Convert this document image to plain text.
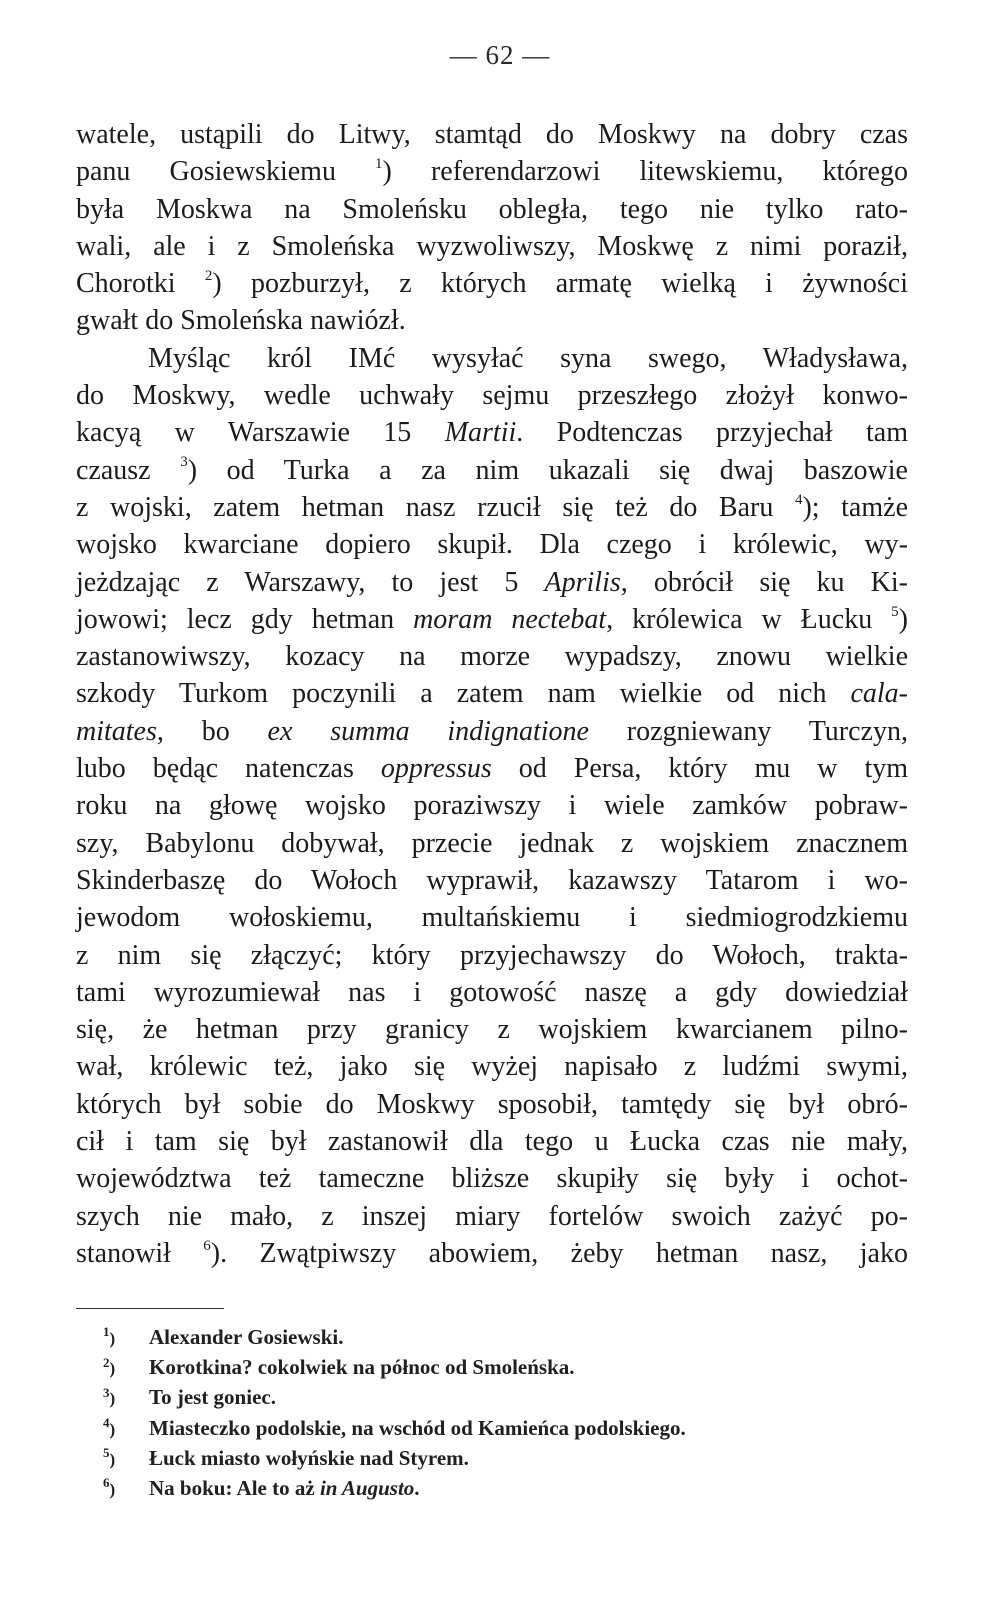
— 62 —
watele, ustąpili do Litwy, stamtąd do Moskwy na dobry czas
panu Gosiewskiemu $^1$) referendarzowi litewskiemu, którego
była Moskwa na Smoleńsku obległa, tego nie tylko rato-
wali, ale i z Smoleńska wyzwoliwszy, Moskwę z nimi poraził,
Chorotki $^2$) pozburzył, z których armatę wielką i żywności
gwałt do Smoleńska nawiózł.
Myśląc król IMć wysyłać syna swego, Władysława,
do Moskwy, wedle uchwały sejmu przeszłego złożył konwo-
kacyą w Warszawie 15 Martii. Podtenczas przyjechał tam
czausz $^3$) od Turka a za nim ukazali się dwaj baszowie
z wojski, zatem hetman nasz rzucił się też do Baru $^4$); tamże
wojsko kwarciane dopiero skupił. Dla czego i królewic, wy-
jeżdzając z Warszawy, to jest 5 Aprilis, obrócił się ku Ki-
jowowi; lecz gdy hetman moram nectebat, królewica w Łucku $^5$)
zastanowiwszy, kozacy na morze wypadszy, znowu wielkie
szkody Turkom poczynili a zatem nam wielkie od nich cala-
mitates, bo ex summa indignatione rozgniewany Turczyn,
lubo będąc natenczas oppressus od Persa, który mu w tym
roku na głowę wojsko poraziwszy i wiele zamków pobraw-
szy, Babylonu dobywał, przecie jednak z wojskiem znacznem
Skinderbaszę do Wołoch wyprawił, kazawszy Tatarom i wo-
jewodom wołoskiemu, multańskiemu i siedmiogrodzkiemu
z nim się złączyć; który przyjechawszy do Wołoch, trakta-
tami wyrozumiewał nas i gotowość naszę a gdy dowiedział
się, że hetman przy granicy z wojskiem kwarcianem pilno-
wał, królewic też, jako się wyżej napisało z ludźmi swymi,
których był sobie do Moskwy sposobił, tamtędy się był obró-
cił i tam się był zastanowił dla tego u Łucka czas nie mały,
województwa też tameczne bliższe skupiły się były i ochot-
szych nie mało, z inszej miary fortelów swoich zażyć po-
stanowił $^6$). Zwątpiwszy abowiem, żeby hetman nasz, jako
$^1$) Alexander Gosiewski.
$^2$) Korotkina? cokolwiek na północ od Smoleńska.
$^3$) To jest goniec.
$^4$) Miasteczko podolskie, na wschód od Kamieńca podolskiego.
$^5$) Łuck miasto wołyńskie nad Styrem.
$^6$) Na boku: Ale to aż in Augusto.
